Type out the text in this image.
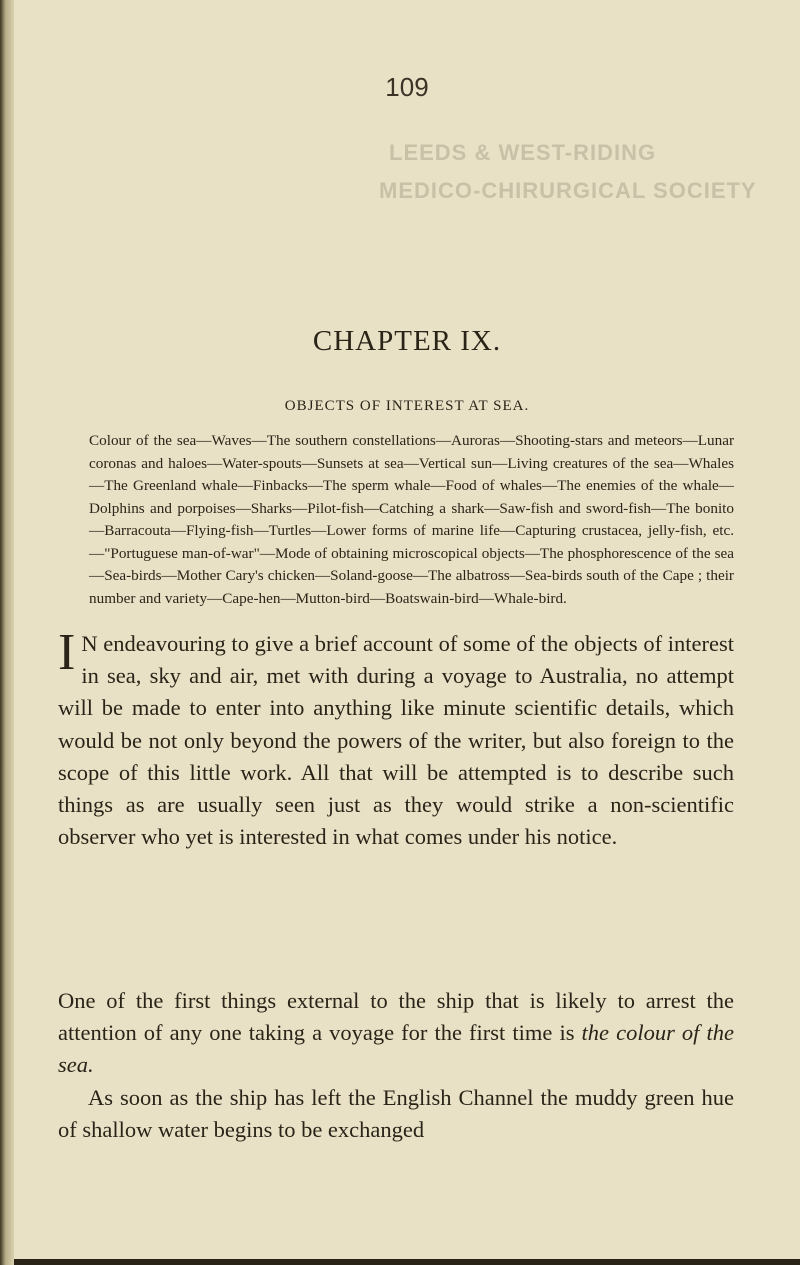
109
LEEDS & WEST-RIDING
MEDICO-CHIRURGICAL SOCIETY
CHAPTER IX.
OBJECTS OF INTEREST AT SEA.
Colour of the sea—Waves—The southern constellations—Auroras—Shooting-stars and meteors—Lunar coronas and haloes—Water-spouts—Sunsets at sea—Vertical sun—Living creatures of the sea—Whales—The Greenland whale—Finbacks—The sperm whale—Food of whales—The enemies of the whale—Dolphins and porpoises—Sharks—Pilot-fish—Catching a shark—Saw-fish and sword-fish—The bonito—Barracouta—Flying-fish—Turtles—Lower forms of marine life—Capturing crustacea, jelly-fish, etc.—"Portuguese man-of-war"—Mode of obtaining microscopical objects—The phosphorescence of the sea—Sea-birds—Mother Cary's chicken—Soland-goose—The albatross—Sea-birds south of the Cape ; their number and variety—Cape-hen—Mutton-bird—Boatswain-bird—Whale-bird.
I N endeavouring to give a brief account of some of the objects of interest in sea, sky and air, met with during a voyage to Australia, no attempt will be made to enter into anything like minute scientific details, which would be not only beyond the powers of the writer, but also foreign to the scope of this little work. All that will be attempted is to describe such things as are usually seen just as they would strike a non-scientific observer who yet is interested in what comes under his notice.
One of the first things external to the ship that is likely to arrest the attention of any one taking a voyage for the first time is the colour of the sea.
As soon as the ship has left the English Channel the muddy green hue of shallow water begins to be exchanged
